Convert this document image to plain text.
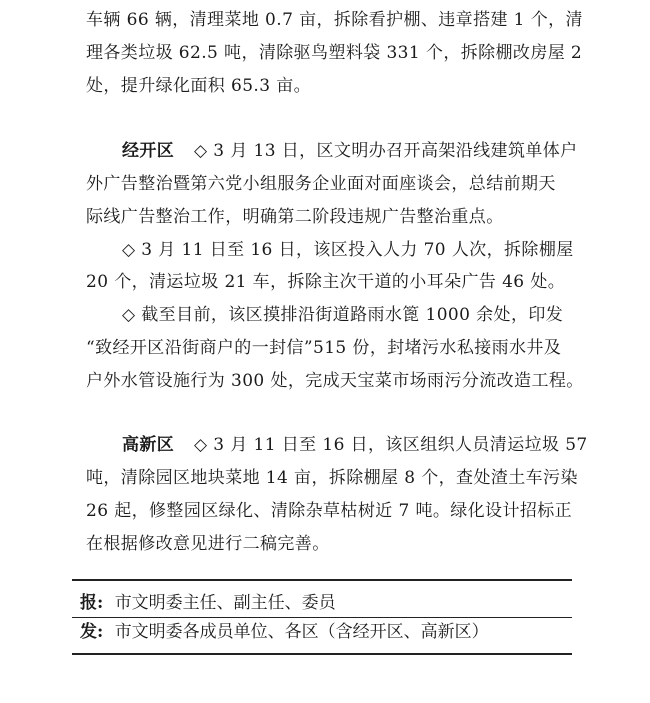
车辆 66 辆，清理菜地 0.7 亩，拆除看护棚、违章搭建 1 个，清
理各类垃圾 62.5 吨，清除驱鸟塑料袋 331 个，拆除棚改房屋 2
处，提升绿化面积 65.3 亩。
经开区 ◇ 3 月 13 日，区文明办召开高架沿线建筑单体户
外广告整治暨第六党小组服务企业面对面座谈会，总结前期天
际线广告整治工作，明确第二阶段违规广告整治重点。
◇ 3 月 11 日至 16 日，该区投入人力 70 人次，拆除棚屋
20 个，清运垃圾 21 车，拆除主次干道的小耳朵广告 46 处。
◇ 截至目前，该区摸排沿街道路雨水篦 1000 余处，印发
“致经开区沿街商户的一封信”515 份，封堵污水私接雨水井及
户外水管设施行为 300 处，完成天宝菜市场雨污分流改造工程。
高新区 ◇ 3 月 11 日至 16 日，该区组织人员清运垃圾 57
吨，清除园区地块菜地 14 亩，拆除棚屋 8 个，查处渣土车污染
26 起，修整园区绿化、清除杂草枯树近 7 吨。绿化设计招标正
在根据修改意见进行二稿完善。
报: 市文明委主任、副主任、委员
发: 市文明委各成员单位、各区（含经开区、高新区）
